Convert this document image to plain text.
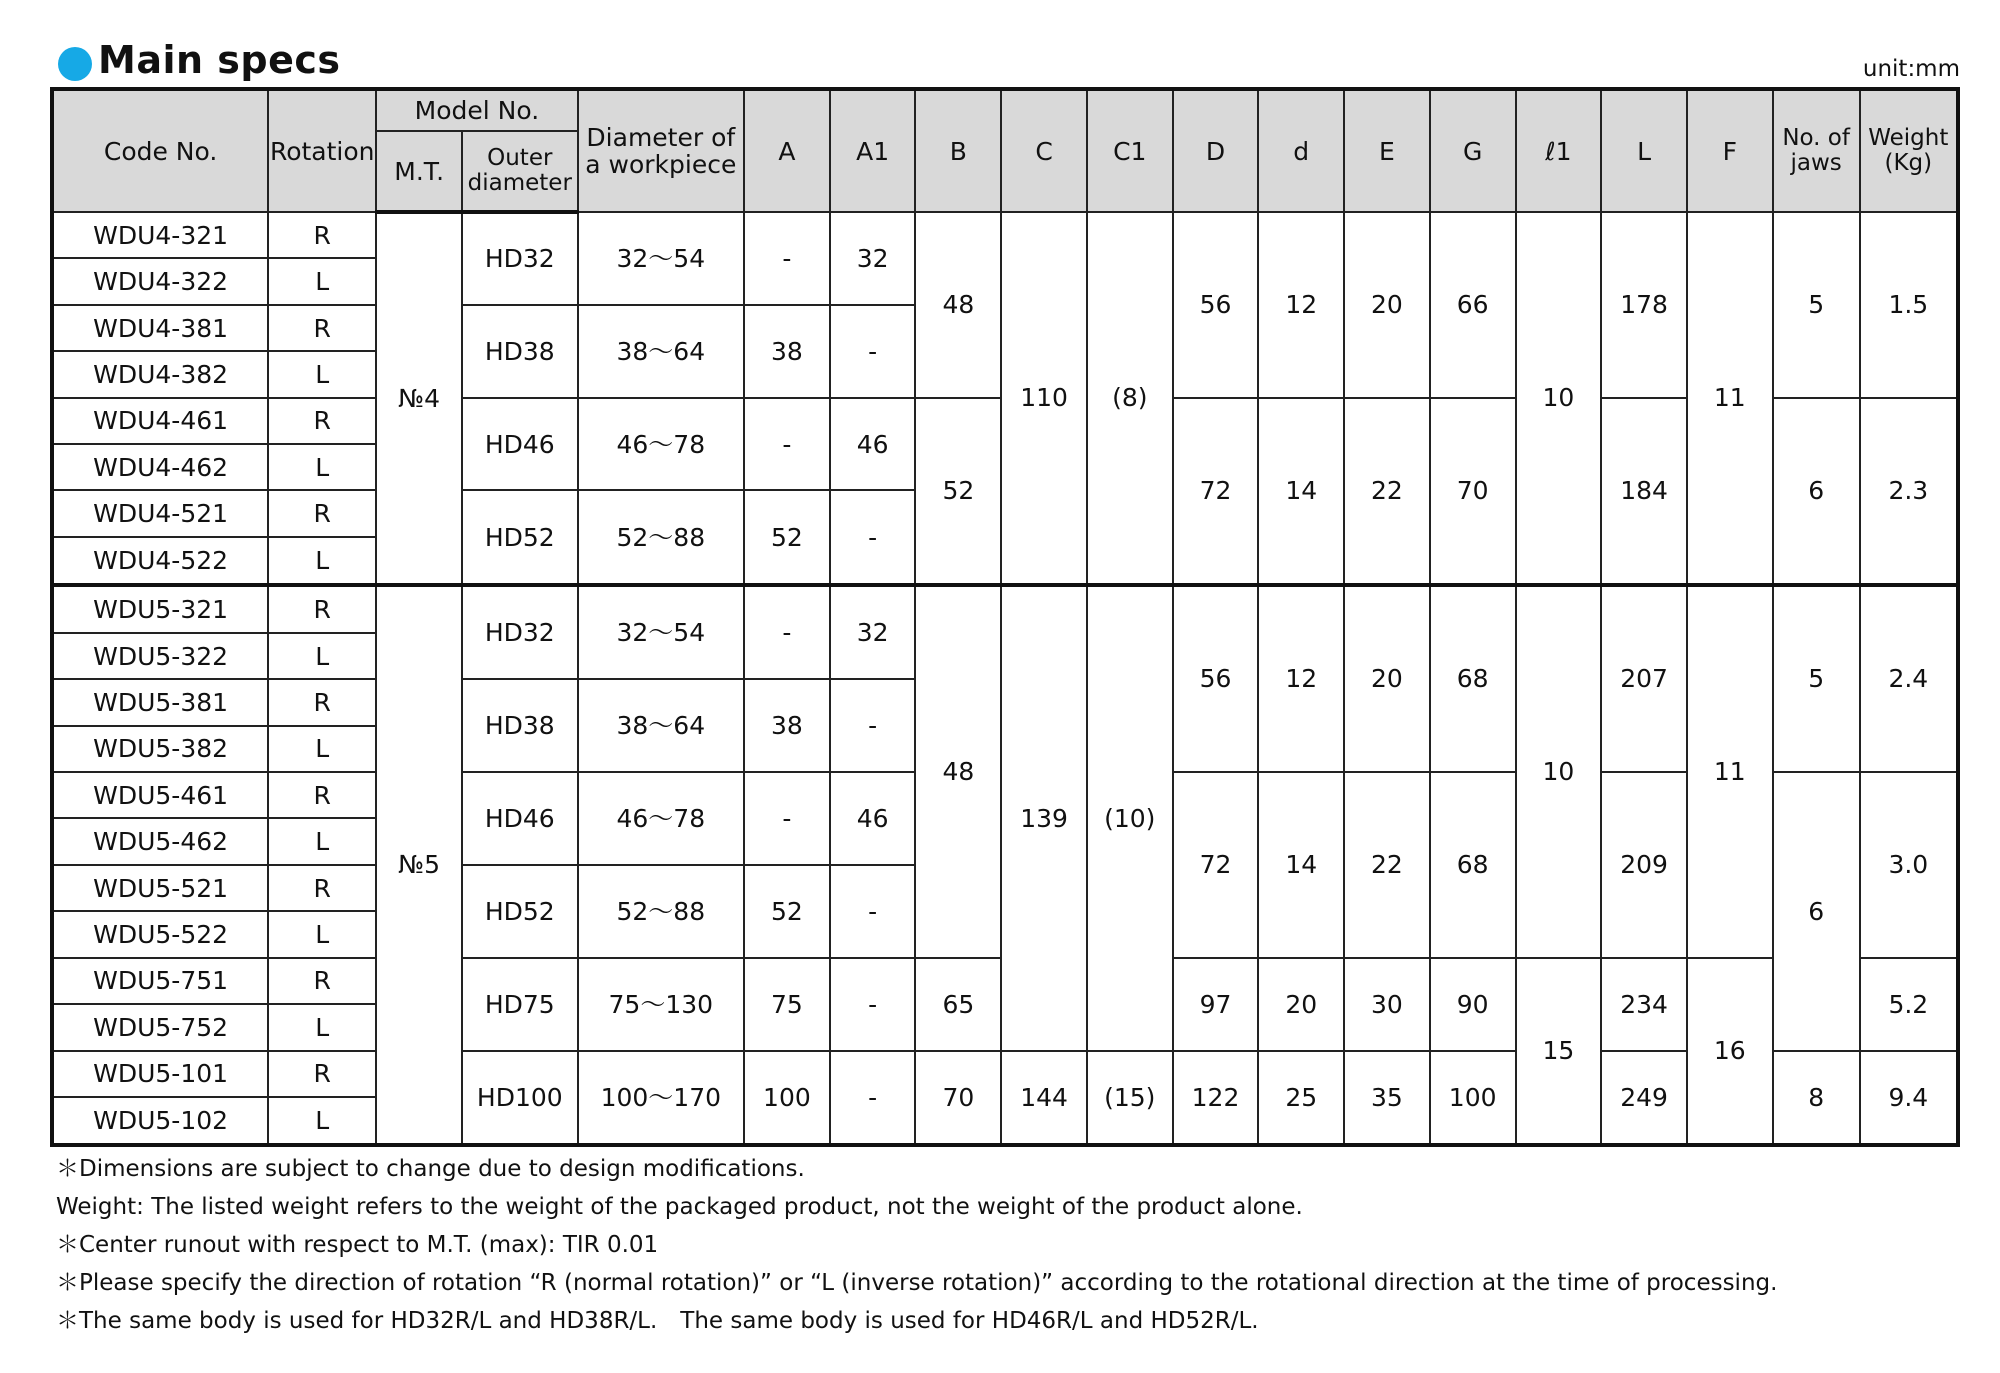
Main specs	unit:mm
Code No.	Rotation	Model No.		Diameter of a workpiece	A	A1	B	C	C1	D	d	E	G	ℓ1	L	F	No. of jaws	Weight (Kg)
		M.T.	Outer diameter															
WDU4-321	R	№4	HD32	32～54	-	32	48	110	(8)	56	12	20	66	10	178	11	5	1.5
WDU4-322	L																	
WDU4-381	R		HD38	38～64	38	-												
WDU4-382	L																	
WDU4-461	R		HD46	46～78	-	46	52			72	14	22	70		184		6	2.3
WDU4-462	L																	
WDU4-521	R		HD52	52～88	52	-												
WDU4-522	L																	
WDU5-321	R	№5	HD32	32～54	-	32	48	139	(10)	56	12	20	68	10	207	11	5	2.4
WDU5-322	L																	
WDU5-381	R		HD38	38～64	38	-												
WDU5-382	L																	
WDU5-461	R		HD46	46～78	-	46				72	14	22	68		209		6	3.0
WDU5-462	L																	
WDU5-521	R		HD52	52～88	52	-												
WDU5-522	L																	
WDU5-751	R		HD75	75～130	75	-	65			97	20	30	90	15	234	16		5.2
WDU5-752	L																	
WDU5-101	R		HD100	100～170	100	-	70	144	(15)	122	25	35	100		249		8	9.4
WDU5-102	L																	
＊Dimensions are subject to change due to design modifications.
Weight: The listed weight refers to the weight of the packaged product, not the weight of the product alone.
＊Center runout with respect to M.T. (max): TIR 0.01
＊Please specify the direction of rotation “R (normal rotation)” or “L (inverse rotation)” according to the rotational direction at the time of processing.
＊The same body is used for HD32R/L and HD38R/L.　The same body is used for HD46R/L and HD52R/L.
